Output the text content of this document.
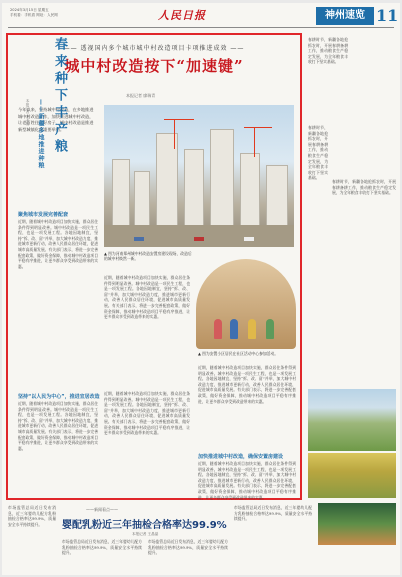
2024年3月15日 星期五
手机看：手机看 网址：人民网	人民日报	神州速览 11
—— 透视国内多个城市城中村改造项目卡项推进成效 ——
城中村改造按下“加速键”
本报记者 廖瑞青
今年以来，坚持城中村改造，在多地推进城中村改造工作，加快推进城中村改造，让老百姓住上好房子，城中村改造是推进新型城镇化的重要举措。
▲ 图为河南郑州城中村改造安置房建设现场，改造后的城中村焕然一新。
▲ 图为安置小区居民在社区活动中心参加活动。
聚焦城市发展完善配套
近期，随着城中村改造项目加快实施，群众居住条件得到明显改善。城中村改造是一项民生工程，也是一项发展工程。各地因地制宜，坚持“拆、改、留”并举，加大城中村改造力度，推进城市更新行动，改善人民群众居住环境，促进城市高质量发展。有关部门表示，将进一步完善配套政策，做好资金保障，推动城中村改造项目平稳有序推进，让更多群众享受到改造带来的实惠。
近期，随着城中村改造项目加快实施，群众居住条件得到明显改善。城中村改造是一项民生工程，也是一项发展工程。各地因地制宜，坚持“拆、改、留”并举，加大城中村改造力度，推进城市更新行动，改善人民群众居住环境，促进城市高质量发展。有关部门表示，将进一步完善配套政策，做好资金保障，推动城中村改造项目平稳有序推进，让更多群众享受到改造带来的实惠。
坚持“以人民为中心”，推进宜居改造
近期，随着城中村改造项目加快实施，群众居住条件得到明显改善。城中村改造是一项民生工程，也是一项发展工程。各地因地制宜，坚持“拆、改、留”并举，加大城中村改造力度，推进城市更新行动，改善人民群众居住环境，促进城市高质量发展。有关部门表示，将进一步完善配套政策，做好资金保障，推动城中村改造项目平稳有序推进，让更多群众享受到改造带来的实惠。
近期，随着城中村改造项目加快实施，群众居住条件得到明显改善。城中村改造是一项民生工程，也是一项发展工程。各地因地制宜，坚持“拆、改、留”并举，加大城中村改造力度，推进城市更新行动，改善人民群众居住环境，促进城市高质量发展。有关部门表示，将进一步完善配套政策，做好资金保障，推动城中村改造项目平稳有序推进，让更多群众享受到改造带来的实惠。
近期，随着城中村改造项目加快实施，群众居住条件得到明显改善。城中村改造是一项民生工程，也是一项发展工程。各地因地制宜，坚持“拆、改、留”并举，加大城中村改造力度，推进城市更新行动，改善人民群众居住环境，促进城市高质量发展。有关部门表示，将进一步完善配套政策，做好资金保障，推动城中村改造项目平稳有序推进，让更多群众享受到改造带来的实惠。
加快推进城中村改造，确保安置房建设
近期，随着城中村改造项目加快实施，群众居住条件得到明显改善。城中村改造是一项民生工程，也是一项发展工程。各地因地制宜，坚持“拆、改、留”并举，加大城中村改造力度，推进城市更新行动，改善人民群众居住环境，促进城市高质量发展。有关部门表示，将进一步完善配套政策，做好资金保障，推动城中村改造项目平稳有序推进，让更多群众享受到改造带来的实惠。
春耕时节，新疆各地抢抓农时，开展春耕备耕工作，推动粮食生产稳定发展，为全年粮食丰收打下坚实基础。
春耕时节，新疆各地抢抓农时，开展春耕备耕工作，推动粮食生产稳定发展，为全年粮食丰收打下坚实基础。
春来种下丰产粮
——新疆多地推进种粮
本报记者 李亚楠
春耕时节，新疆各地抢抓农时，开展春耕备耕工作，推动粮食生产稳定发展，为全年粮食丰收打下坚实基础。
市场监管总局近日发布消息，近三年婴幼儿配方乳粉抽检合格率达99.9%，质量安全水平持续提升。
——新闻看点——
婴配乳粉近三年抽检合格率达99.9%
本报记者 王晶晶
市场监管总局近日发布消息，近三年婴幼儿配方乳粉抽检合格率达99.9%，质量安全水平持续提升。
市场监管总局近日发布消息，近三年婴幼儿配方乳粉抽检合格率达99.9%，质量安全水平持续提升。
市场监管总局近日发布消息，近三年婴幼儿配方乳粉抽检合格率达99.9%，质量安全水平持续提升。
